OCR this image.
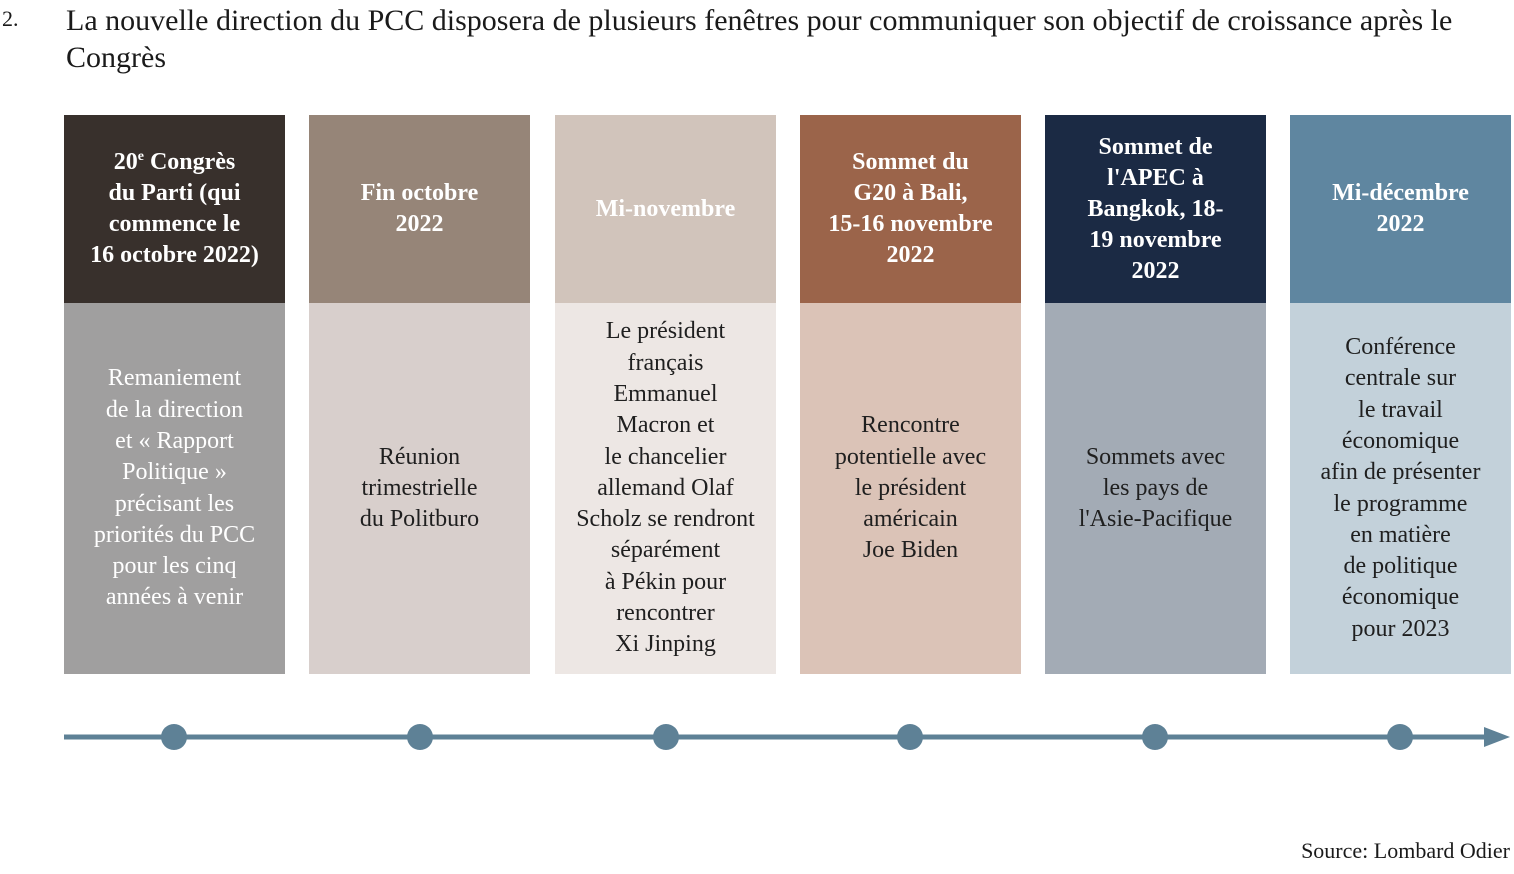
2. La nouvelle direction du PCC disposera de plusieurs fenêtres pour communiquer son objectif de croissance après le Congrès
20e Congrès
du Parti (qui
commence le
16 octobre 2022)
Remaniement
de la direction
et « Rapport
Politique »
précisant les
priorités du PCC
pour les cinq
années à venir
Fin octobre
2022
Réunion
trimestrielle
du Politburo
Mi-novembre
Le président
français
Emmanuel
Macron et
le chancelier
allemand Olaf
Scholz se rendront
séparément
à Pékin pour
rencontrer
Xi Jinping
Sommet du
G20 à Bali,
15-16 novembre
2022
Rencontre
potentielle avec
le président
américain
Joe Biden
Sommet de
l'APEC à
Bangkok, 18-
19 novembre
2022
Sommets avec
les pays de
l'Asie-Pacifique
Mi-décembre
2022
Conférence
centrale sur
le travail
économique
afin de présenter
le programme
en matière
de politique
économique
pour 2023
Source: Lombard Odier
